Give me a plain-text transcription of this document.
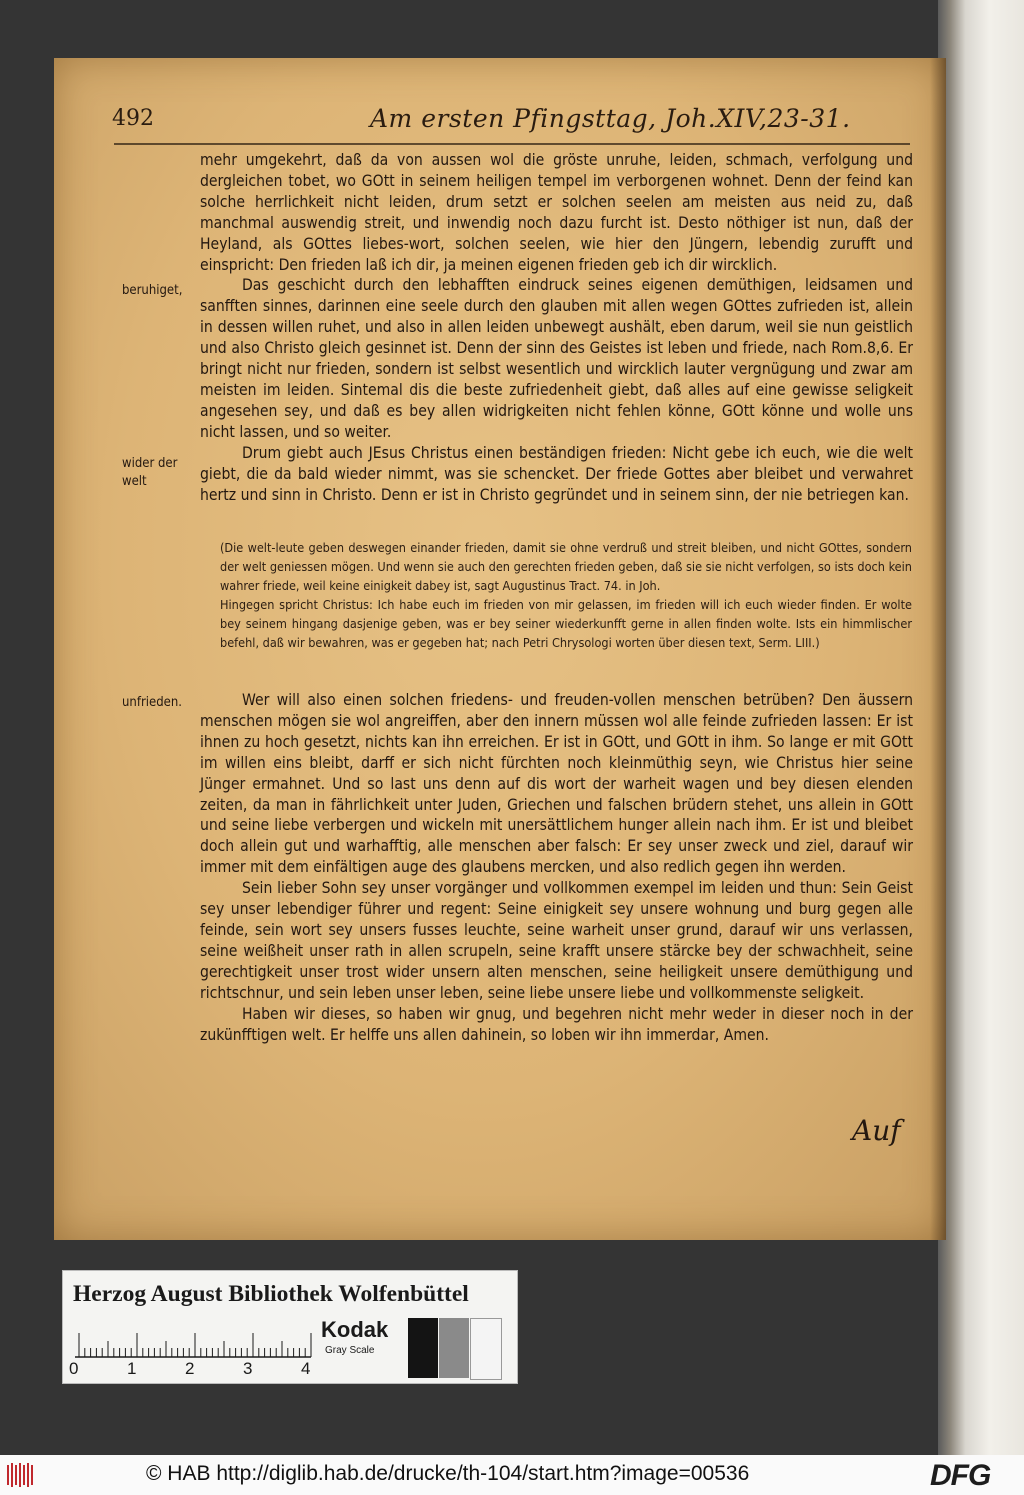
492	Am ersten Pfingsttag, Joh.XIV,23-31.

mehr umgekehrt, daß da von aussen wol die gröste unruhe, leiden, schmach, verfolgung und dergleichen tobet, wo GOtt in seinem heiligen tempel im verborgenen wohnet. Denn der feind kan solche herrlichkeit nicht leiden, drum setzt er solchen seelen am meisten aus neid zu, daß manchmal auswendig streit, und inwendig noch dazu furcht ist. Desto nöthiger ist nun, daß der Heyland, als GOttes liebes-wort, solchen seelen, wie hier den Jüngern, lebendig zurufft und einspricht: Den frieden laß ich dir, ja meinen eigenen frieden geb ich dir wircklich.

Das geschicht durch den lebhafften eindruck seines eigenen demüthigen, leidsamen und sanfften sinnes, darinnen eine seele durch den glauben mit allen wegen GOttes zufrieden ist, allein in dessen willen ruhet, und also in allen leiden unbewegt aushält, eben darum, weil sie nun geistlich und also Christo gleich gesinnet ist. Denn der sinn des Geistes ist leben und friede, nach Rom.8,6. Er bringt nicht nur frieden, sondern ist selbst wesentlich und wircklich lauter vergnügung und zwar am meisten im leiden. Sintemal dis die beste zufriedenheit giebt, daß alles auf eine gewisse seligkeit angesehen sey, und daß es bey allen widrigkeiten nicht fehlen könne, GOtt könne und wolle uns nicht lassen, und so weiter.

Drum giebt auch JEsus Christus einen beständigen frieden: Nicht gebe ich euch, wie die welt giebt, die da bald wieder nimmt, was sie schencket. Der friede Gottes aber bleibet und verwahret hertz und sinn in Christo. Denn er ist in Christo gegründet und in seinem sinn, der nie betriegen kan.

beruhiget,
wider der welt
unfrieden.

(Die welt-leute geben deswegen einander frieden, damit sie ohne verdruß und streit bleiben, und nicht GOttes, sondern der welt geniessen mögen. Und wenn sie auch den gerechten frieden geben, daß sie sie nicht verfolgen, so ists doch kein wahrer friede, weil keine einigkeit dabey ist, sagt Augustinus Tract. 74. in Joh.

Hingegen spricht Christus: Ich habe euch im frieden von mir gelassen, im frieden will ich euch wieder finden. Er wolte bey seinem hingang dasjenige geben, was er bey seiner wiederkunfft gerne in allen finden wolte. Ists ein himmlischer befehl, daß wir bewahren, was er gegeben hat; nach Petri Chrysologi worten über diesen text, Serm. LIII.)

Wer will also einen solchen friedens- und freuden-vollen menschen betrüben? Den äussern menschen mögen sie wol angreiffen, aber den innern müssen wol alle feinde zufrieden lassen: Er ist ihnen zu hoch gesetzt, nichts kan ihn erreichen. Er ist in GOtt, und GOtt in ihm. So lange er mit GOtt im willen eins bleibt, darff er sich nicht fürchten noch kleinmüthig seyn, wie Christus hier seine Jünger ermahnet. Und so last uns denn auf dis wort der warheit wagen und bey diesen elenden zeiten, da man in fährlichkeit unter Juden, Griechen und falschen brüdern stehet, uns allein in GOtt und seine liebe verbergen und wickeln mit unersättlichem hunger allein nach ihm. Er ist und bleibet doch allein gut und warhafftig, alle menschen aber falsch: Er sey unser zweck und ziel, darauf wir immer mit dem einfältigen auge des glaubens mercken, und also redlich gegen ihn werden.

Sein lieber Sohn sey unser vorgänger und vollkommen exempel im leiden und thun: Sein Geist sey unser lebendiger führer und regent: Seine einigkeit sey unsere wohnung und burg gegen alle feinde, sein wort sey unsers fusses leuchte, seine warheit unser grund, darauf wir uns verlassen, seine weißheit unser rath in allen scrupeln, seine krafft unsere stärcke bey der schwachheit, seine gerechtigkeit unser trost wider unsern alten menschen, seine heiligkeit unsere demüthigung und richtschnur, und sein leben unser leben, seine liebe unsere liebe und vollkommenste seligkeit.

Haben wir dieses, so haben wir gnug, und begehren nicht mehr weder in dieser noch in der zukünfftigen welt. Er helffe uns allen dahinein, so loben wir ihn immerdar, Amen.

Auf
Herzog August Bibliothek Wolfenbüttel
0	1	2	3	4
Kodak
Gray Scale
© HAB http://diglib.hab.de/drucke/th-104/start.htm?image=00536	DFG
